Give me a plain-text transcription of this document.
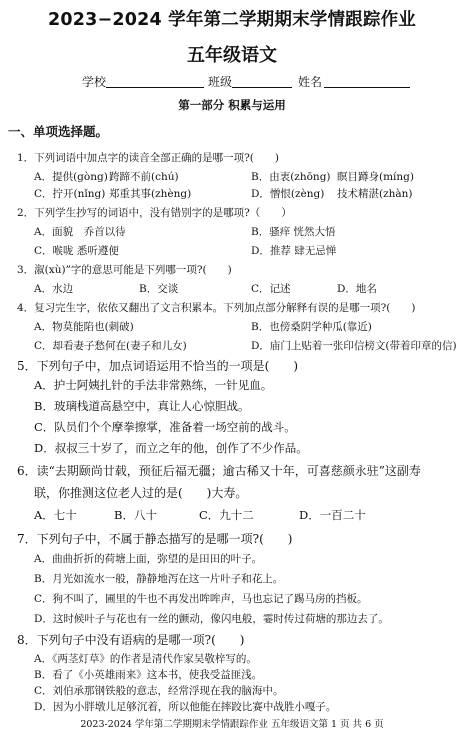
2023−2024 学年第二学期期末学情跟踪作业
五年级语文
学校	班级	姓名
第一部分 积累与运用
一、单项选择题。
1．下列词语中加点字的读音全部正确的是哪一项?(　　)
A．提供(gòng) 跨蹄不前(chú)	B．由衷(zhōng) 瞑目蹲身(míng)
C．拧开(nǐng) 郑重其事(zhèng)	D．憎恨(zèng) 技术精湛(zhàn)
2．下列学生抄写的词语中，没有错别字的是哪项?（　　）
A．面貌　乔首以待	B．骚痒 恍然大悟
C．喉咙 悉听遵便	D．推荐 肆无忌惮
3．溆(xù)”字的意思可能是下列哪一项?(　　)
A．水边	B．交谈	C．记述	D．地名
4．复习完生字，依依又翻出了文言积累本。下列加点部分解释有误的是哪一项?(　　)
A．物莫能陷也(刺破)	B．也傍桑阴学种瓜(靠近)
C．却看妻子愁何在(妻子和儿女)	D．庙门上贴着一张印信榜文(带着印章的信)
5．下列句子中，加点词语运用不恰当的一项是(　　)
A．护士阿姨扎针的手法非常熟练，一针见血。
B．玻璃栈道高悬空中，真让人心惊胆战。
C．队员们个个摩拳擦掌，准备着一场空前的战斗。
D．叔叔三十岁了，而立之年的他，创作了不少作品。
6．读“去期颐尚廿载，预征后福无疆；逾古稀又十年，可喜慈颜永驻”这副寿
联，你推测这位老人过的是(　　)大寿。
A．七十	B．八十	C．九十二	D．一百二十
7．下列句子中，不属于静态描写的是哪一项?(　　)
A．曲曲折折的荷塘上面，弥望的是田田的叶子。
B．月光如流水一般，静静地泻在这一片叶子和花上。
C．狗不叫了，圃里的牛也不再发出哞哞声，马也忘记了踢马房的挡板。
D．这时候叶子与花也有一丝的颤动，像闪电般，霎时传过荷塘的那边去了。
8．下列句子中没有语病的是哪一项?(　　)
A．《两茎灯草》的作者是清代作家吴敬梓写的。
B．看了《小英雄雨来》这本书，使我受益匪浅。
C．刘伯承那钢铁般的意志，经常浮现在我的脑海中。
2023-2024 学年第二学期期末学情跟踪作业 五年级语文第 1 页 共 6 页
D．因为小胖墩儿足够沉着，所以他能在摔跤比赛中战胜小嘎子。
